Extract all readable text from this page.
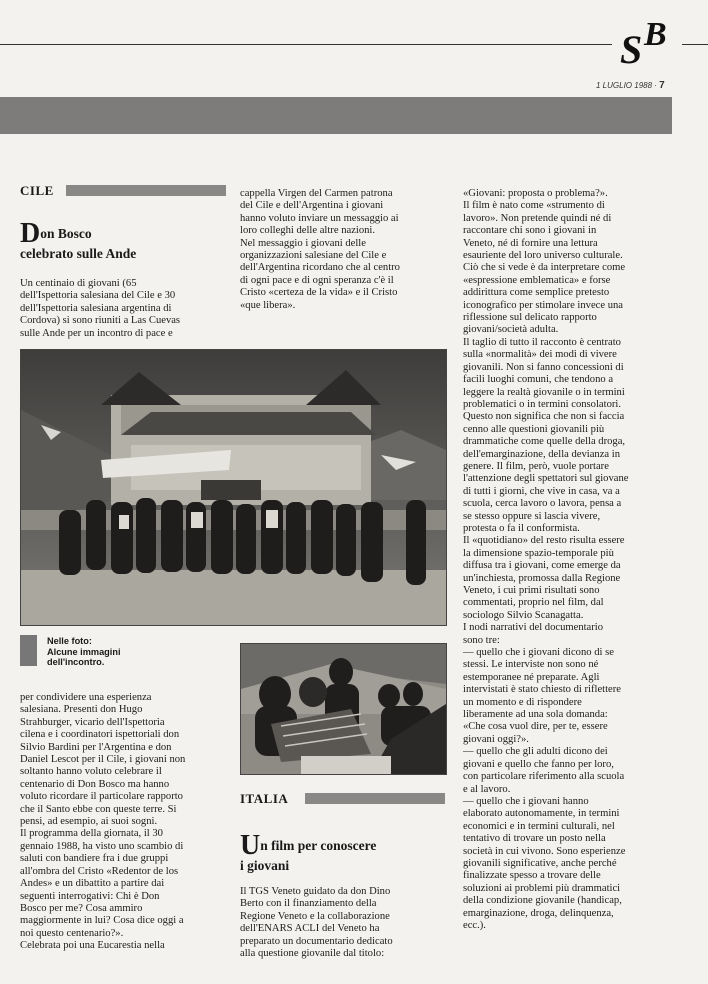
S B
1 LUGLIO 1988 · 7
CILE
Don Bosco
celebrato sulle Ande

Un centinaio di giovani (65

dell'Ispettoria salesiana del Cile e 30

dell'Ispettoria salesiana argentina di

Cordova) si sono riuniti a Las Cuevas

sulle Ande per un incontro di pace e

cappella Virgen del Carmen patrona

del Cile e dell'Argentina i giovani

hanno voluto inviare un messaggio ai

loro colleghi delle altre nazioni.

Nel messaggio i giovani delle

organizzazioni salesiane del Cile e

dell'Argentina ricordano che al centro

di ogni pace e di ogni speranza c'è il

Cristo «certeza de la vida» e il Cristo

«que libera».

Nelle foto:
Alcune immagini
dell'incontro.

per condividere una esperienza

salesiana. Presenti don Hugo

Strahburger, vicario dell'Ispettoria

cilena e i coordinatori ispettoriali don

Silvio Bardini per l'Argentina e don

Daniel Lescot per il Cile, i giovani non

soltanto hanno voluto celebrare il

centenario di Don Bosco ma hanno

voluto ricordare il particolare rapporto

che il Santo ebbe con queste terre. Si

pensi, ad esempio, ai suoi sogni.

Il programma della giornata, il 30

gennaio 1988, ha visto uno scambio di

saluti con bandiere fra i due gruppi

all'ombra del Cristo «Redentor de los

Andes» e un dibattito a partire dai

seguenti interrogativi: Chi è Don

Bosco per me? Cosa ammiro

maggiormente in lui? Cosa dice oggi a

noi questo centenario?».

Celebrata poi una Eucarestia nella

ITALIA
Un film per conoscere
i giovani

Il TGS Veneto guidato da don Dino

Berto con il finanziamento della

Regione Veneto e la collaborazione

dell'ENARS ACLI del Veneto ha

preparato un documentario dedicato

alla questione giovanile dal titolo:

«Giovani: proposta o problema?».

Il film è nato come «strumento di

lavoro». Non pretende quindi né di

raccontare chi sono i giovani in

Veneto, né di fornire una lettura

esauriente del loro universo culturale.

Ciò che si vede è da interpretare come

«espressione emblematica» e forse

addirittura come semplice pretesto

iconografico per stimolare invece una

riflessione sul delicato rapporto

giovani/società adulta.

Il taglio di tutto il racconto è centrato

sulla «normalità» dei modi di vivere

giovanili. Non si fanno concessioni di

facili luoghi comuni, che tendono a

leggere la realtà giovanile o in termini

problematici o in termini consolatori.

Questo non significa che non si faccia

cenno alle questioni giovanili più

drammatiche come quelle della droga,

dell'emarginazione, della devianza in

genere. Il film, però, vuole portare

l'attenzione degli spettatori sul giovane

di tutti i giorni, che vive in casa, va a

scuola, cerca lavoro o lavora, pensa a

se stesso oppure si lascia vivere,

protesta o fa il conformista.

Il «quotidiano» del resto risulta essere

la dimensione spazio-temporale più

diffusa tra i giovani, come emerge da

un'inchiesta, promossa dalla Regione

Veneto, i cui primi risultati sono

commentati, proprio nel film, dal

sociologo Silvio Scanagatta.

I nodi narrativi del documentario

sono tre:

— quello che i giovani dicono di se

stessi. Le interviste non sono né

estemporanee né preparate. Agli

intervistati è stato chiesto di riflettere

un momento e di rispondere

liberamente ad una sola domanda:

«Che cosa vuol dire, per te, essere

giovani oggi?».

— quello che gli adulti dicono dei

giovani e quello che fanno per loro,

con particolare riferimento alla scuola

e al lavoro.

— quello che i giovani hanno

elaborato autonomamente, in termini

economici e in termini culturali, nel

tentativo di trovare un posto nella

società in cui vivono. Sono esperienze

giovanili significative, anche perché

finalizzate spesso a trovare delle

soluzioni ai problemi più drammatici

della condizione giovanile (handicap,

emarginazione, droga, delinquenza,

ecc.).
